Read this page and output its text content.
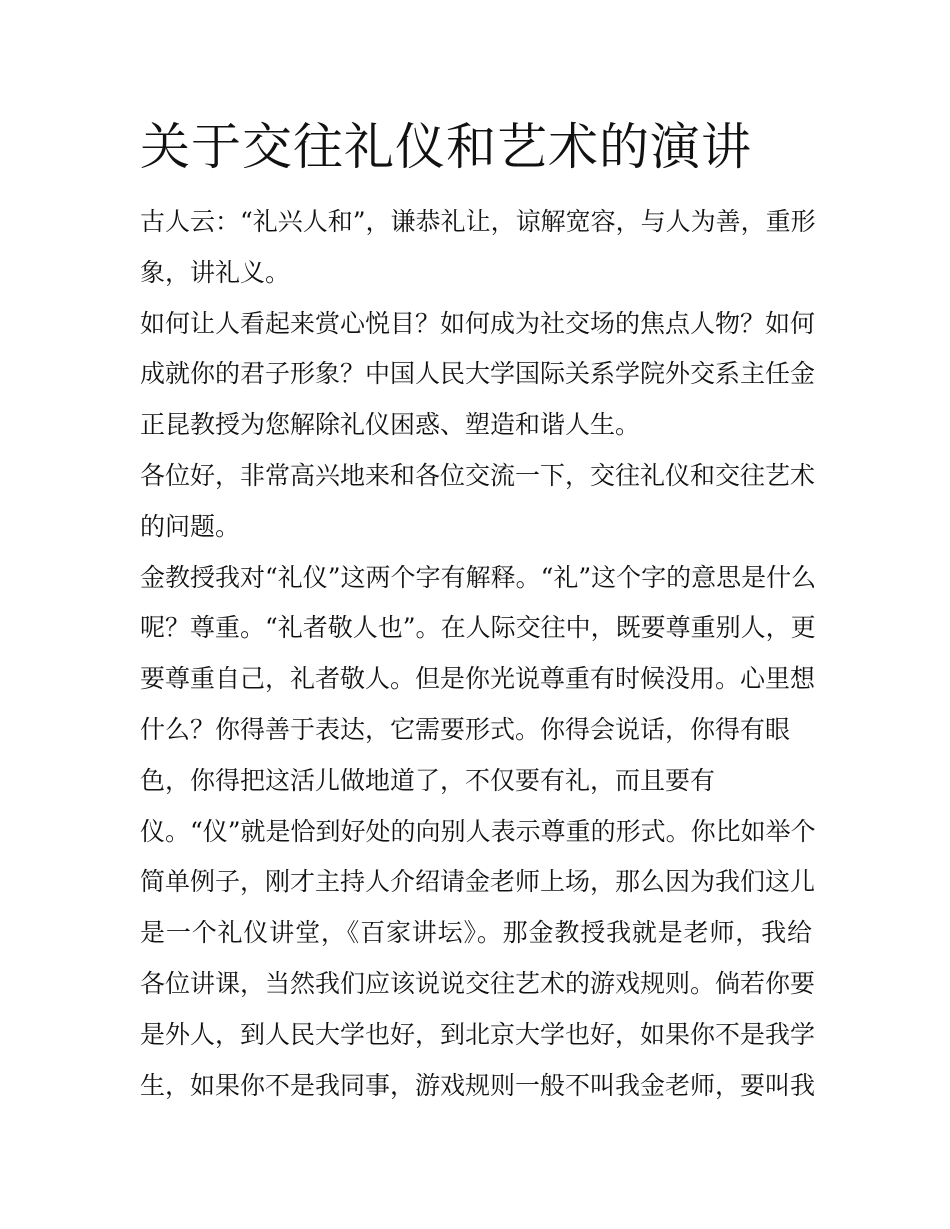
关于交往礼仪和艺术的演讲
古人云：“礼兴人和”，谦恭礼让，谅解宽容，与人为善，重形
象，讲礼义。
如何让人看起来赏心悦目？如何成为社交场的焦点人物？如何
成就你的君子形象？中国人民大学国际关系学院外交系主任金
正昆教授为您解除礼仪困惑、塑造和谐人生。
各位好，非常高兴地来和各位交流一下，交往礼仪和交往艺术
的问题。
金教授我对“礼仪”这两个字有解释。“礼”这个字的意思是什么
呢？尊重。“礼者敬人也”。在人际交往中，既要尊重别人，更
要尊重自己，礼者敬人。但是你光说尊重有时候没用。心里想
什么？你得善于表达，它需要形式。你得会说话，你得有眼
色，你得把这活儿做地道了，不仅要有礼，而且要有
仪。“仪”就是恰到好处的向别人表示尊重的形式。你比如举个
简单例子，刚才主持人介绍请金老师上场，那么因为我们这儿
是一个礼仪讲堂，《百家讲坛》。那金教授我就是老师，我给
各位讲课，当然我们应该说说交往艺术的游戏规则。倘若你要
是外人，到人民大学也好，到北京大学也好，如果你不是我学
生，如果你不是我同事，游戏规则一般不叫我金老师，要叫我
